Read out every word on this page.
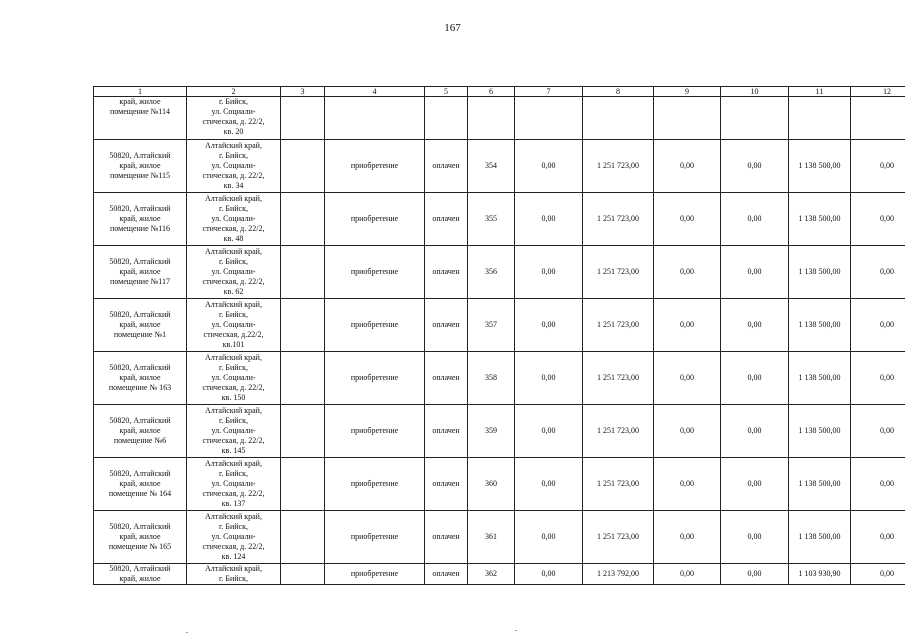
167
1	2	3	4	5	6	7	8	9	10	11	12
край, жилое
помещение №114	г. Бийск,
ул. Социали-
стическая, д. 22/2,
кв. 20										
50820, Алтайский
край, жилое
помещение №115	Алтайский край,
г. Бийск,
ул. Социали-
стическая, д. 22/2,
кв. 34		приобретение	оплачен	354	0,00	1 251 723,00	0,00	0,00	1 138 500,00	0,00
50820, Алтайский
край, жилое
помещение №116	Алтайский край,
г. Бийск,
ул. Социали-
стическая, д. 22/2,
кв. 48		приобретение	оплачен	355	0,00	1 251 723,00	0,00	0,00	1 138 500,00	0,00
50820, Алтайский
край, жилое
помещение №117	Алтайский край,
г. Бийск,
ул. Социали-
стическая, д. 22/2,
кв. 62		приобретение	оплачен	356	0,00	1 251 723,00	0,00	0,00	1 138 500,00	0,00
50820, Алтайский
край, жилое
помещение №1	Алтайский край,
г. Бийск,
ул. Социали-
стическая, д.22/2,
кв.101		приобретение	оплачен	357	0,00	1 251 723,00	0,00	0,00	1 138 500,00	0,00
50820, Алтайский
край, жилое
помещение № 163	Алтайский край,
г. Бийск,
ул. Социали-
стическая, д. 22/2,
кв. 150		приобретение	оплачен	358	0,00	1 251 723,00	0,00	0,00	1 138 500,00	0,00
50820, Алтайский
край, жилое
помещение №6	Алтайский край,
г. Бийск,
ул. Социали-
стическая, д. 22/2,
кв. 145		приобретение	оплачен	359	0,00	1 251 723,00	0,00	0,00	1 138 500,00	0,00
50820, Алтайский
край, жилое
помещение № 164	Алтайский край,
г. Бийск,
ул. Социали-
стическая, д. 22/2,
кв. 137		приобретение	оплачен	360	0,00	1 251 723,00	0,00	0,00	1 138 500,00	0,00
50820, Алтайский
край, жилое
помещение № 165	Алтайский край,
г. Бийск,
ул. Социали-
стическая, д. 22/2,
кв. 124		приобретение	оплачен	361	0,00	1 251 723,00	0,00	0,00	1 138 500,00	0,00
50820, Алтайский
край, жилое	Алтайский край,
г. Бийск,		приобретение	оплачен	362	0,00	1 213 792,00	0,00	0,00	1 103 930,90	0,00
